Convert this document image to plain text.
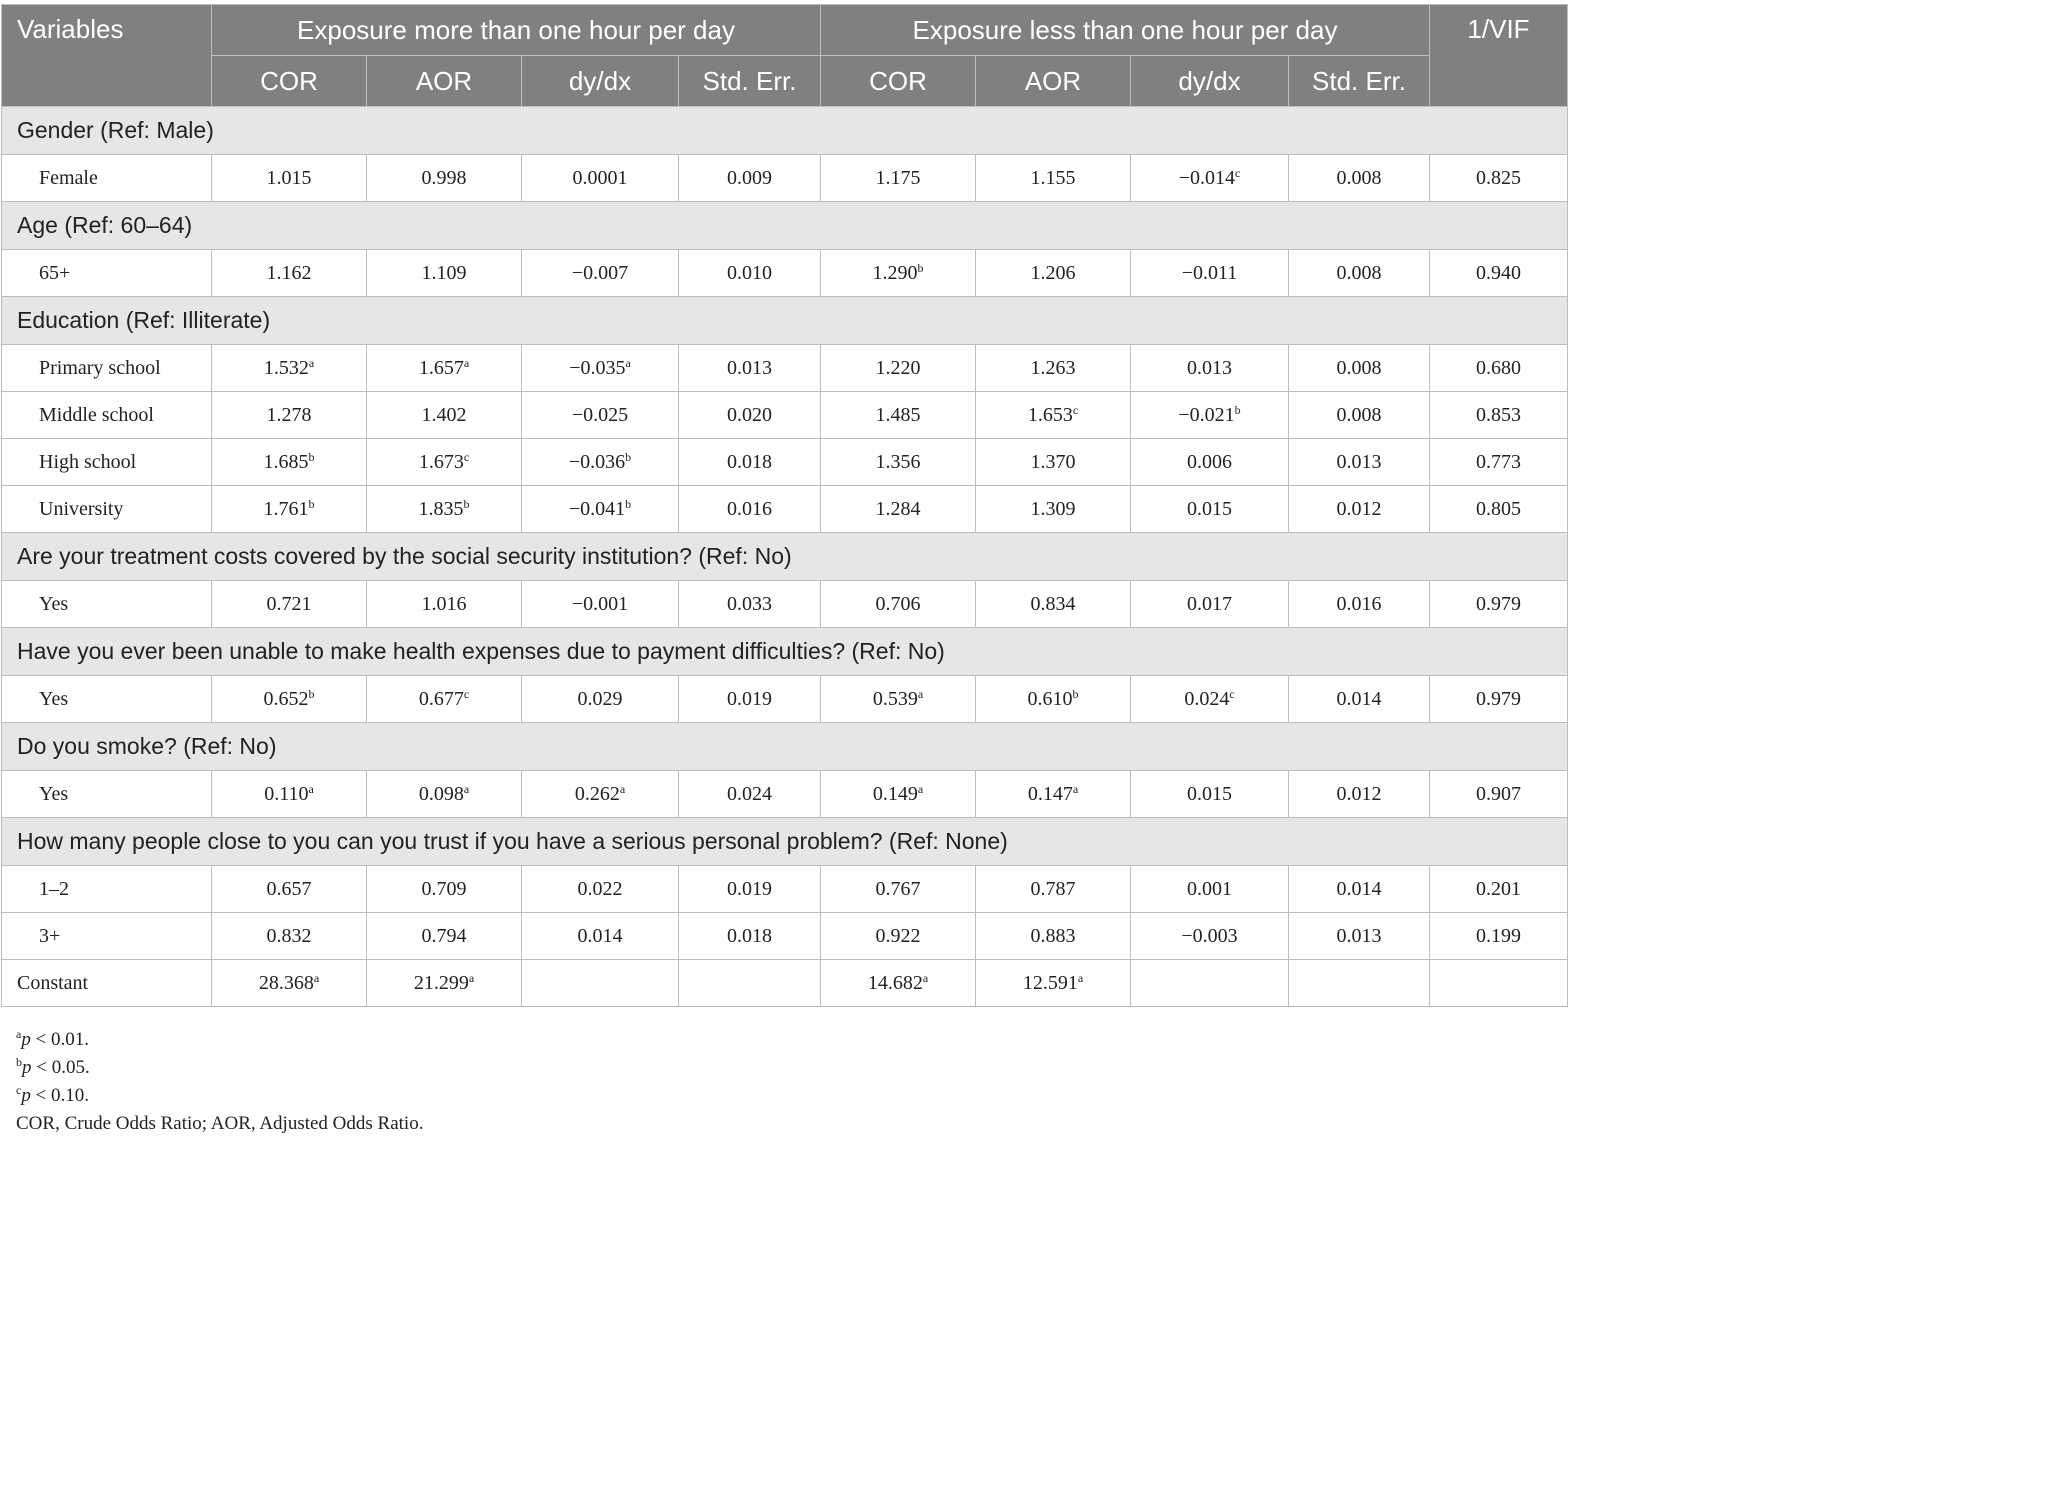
Variables	Exposure more than one hour per day				Exposure less than one hour per day				1/VIF
	COR	AOR	dy/dx	Std. Err.	COR	AOR	dy/dx	Std. Err.	
Gender (Ref: Male)									
Female	1.015	0.998	0.0001	0.009	1.175	1.155	−0.014$^c$	0.008	0.825
Age (Ref: 60–64)									
65+	1.162	1.109	−0.007	0.010	1.290$^b$	1.206	−0.011	0.008	0.940
Education (Ref: Illiterate)									
Primary school	1.532$^a$	1.657$^a$	−0.035$^a$	0.013	1.220	1.263	0.013	0.008	0.680
Middle school	1.278	1.402	−0.025	0.020	1.485	1.653$^c$	−0.021$^b$	0.008	0.853
High school	1.685$^b$	1.673$^c$	−0.036$^b$	0.018	1.356	1.370	0.006	0.013	0.773
University	1.761$^b$	1.835$^b$	−0.041$^b$	0.016	1.284	1.309	0.015	0.012	0.805
Are your treatment costs covered by the social security institution? (Ref: No)									
Yes	0.721	1.016	−0.001	0.033	0.706	0.834	0.017	0.016	0.979
Have you ever been unable to make health expenses due to payment difficulties? (Ref: No)									
Yes	0.652$^b$	0.677$^c$	0.029	0.019	0.539$^a$	0.610$^b$	0.024$^c$	0.014	0.979
Do you smoke? (Ref: No)									
Yes	0.110$^a$	0.098$^a$	0.262$^a$	0.024	0.149$^a$	0.147$^a$	0.015	0.012	0.907
How many people close to you can you trust if you have a serious personal problem? (Ref: None)									
1–2	0.657	0.709	0.022	0.019	0.767	0.787	0.001	0.014	0.201
3+	0.832	0.794	0.014	0.018	0.922	0.883	−0.003	0.013	0.199
Constant	28.368$^a$	21.299$^a$			14.682$^a$	12.591$^a$			
$^a$p < 0.01.
$^b$p < 0.05.
$^c$p < 0.10.
COR, Crude Odds Ratio; AOR, Adjusted Odds Ratio.
